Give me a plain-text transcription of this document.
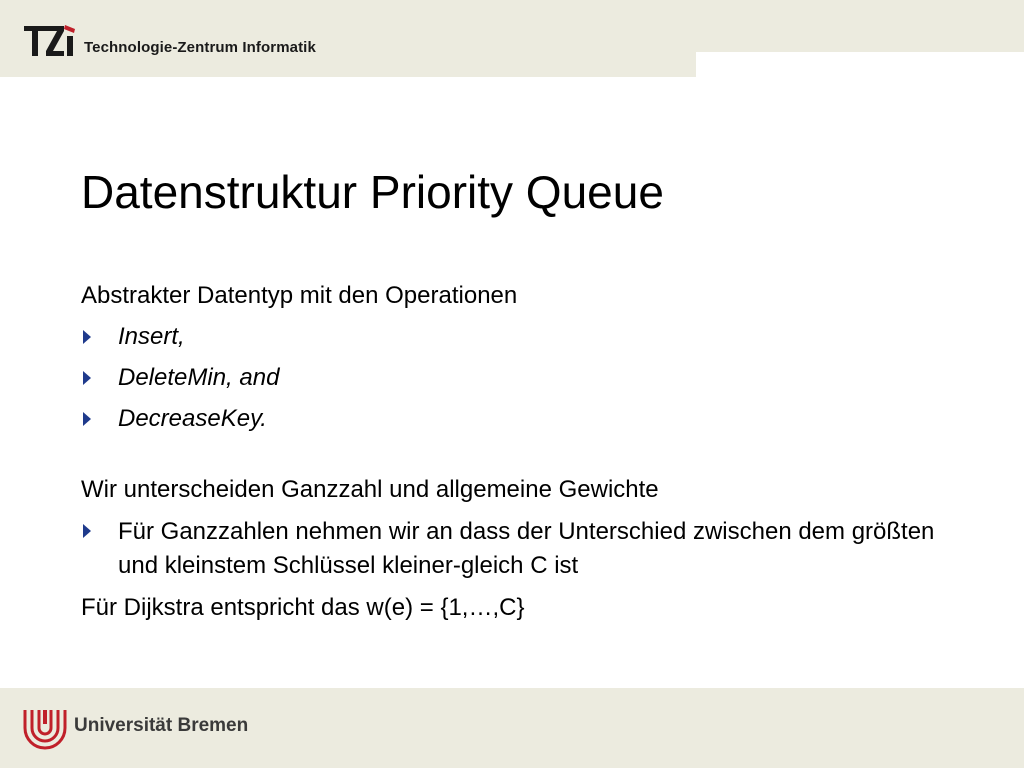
Technologie-Zentrum Informatik
Datenstruktur Priority Queue
Abstrakter Datentyp mit den Operationen
Insert,
DeleteMin, and
DecreaseKey.
Wir unterscheiden Ganzzahl und allgemeine Gewichte
Für Ganzzahlen nehmen wir an dass der Unterschied zwischen dem größten und kleinstem Schlüssel kleiner-gleich C ist
Für Dijkstra entspricht das w(e) = {1,…,C}
Universität Bremen
